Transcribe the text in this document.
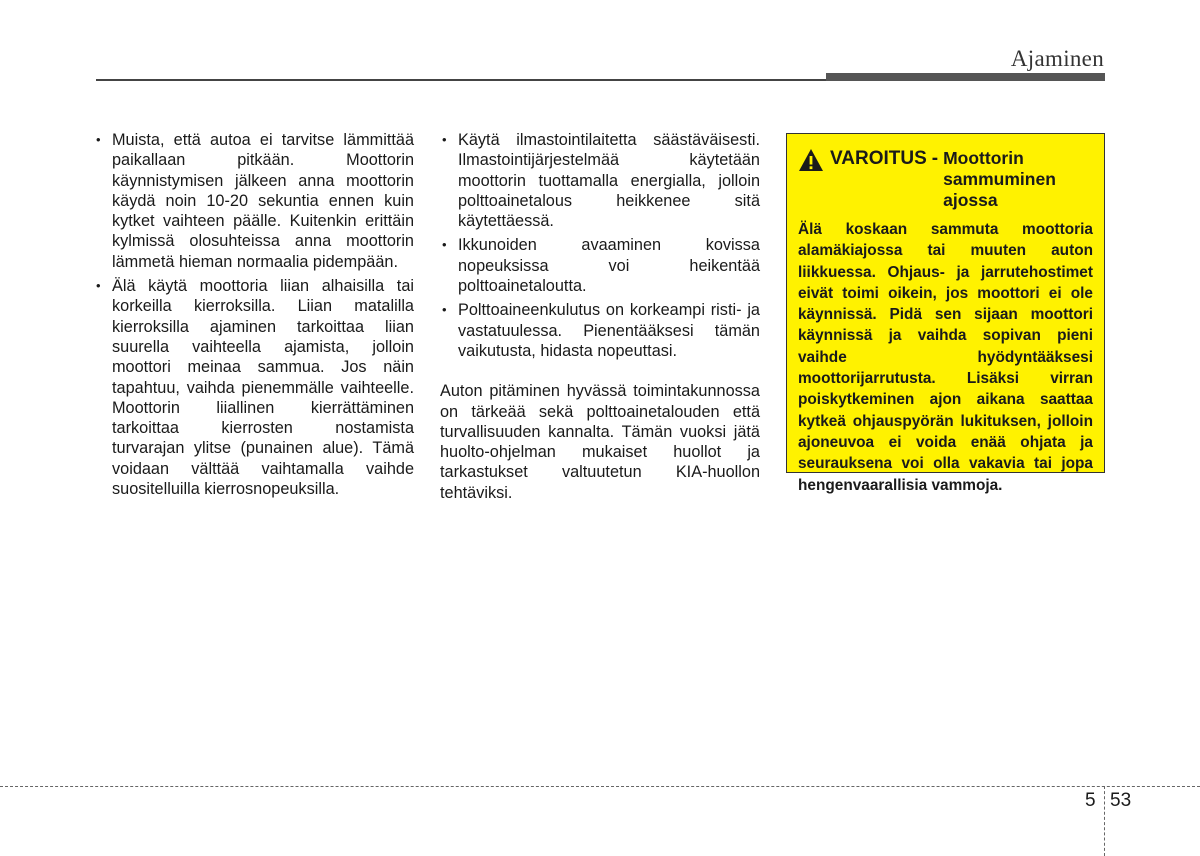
Ajaminen
• Muista, että autoa ei tarvitse lämmittää paikallaan pitkään. Moottorin käynnistymisen jälkeen anna moottorin käydä noin 10-20 sekuntia ennen kuin kytket vaihteen päälle. Kuitenkin erittäin kylmissä olosuhteissa anna moottorin lämmetä hieman normaalia pidempään.
• Älä käytä moottoria liian alhaisilla tai korkeilla kierroksilla. Liian matalilla kierroksilla ajaminen tarkoittaa liian suurella vaihteella ajamista, jolloin moottori meinaa sammua. Jos näin tapahtuu, vaihda pienemmälle vaihteelle. Moottorin liiallinen kierrättäminen tarkoittaa kierrosten nostamista turvarajan ylitse (punainen alue). Tämä voidaan välttää vaihtamalla vaihde suositelluilla kierrosnopeuksilla.
• Käytä ilmastointilaitetta säästäväisesti. Ilmastointijärjestelmää käytetään moottorin tuottamalla energialla, jolloin polttoainetalous heikkenee sitä käytettäessä.
• Ikkunoiden avaaminen kovissa nopeuksissa voi heikentää polttoainetaloutta.
• Polttoaineenkulutus on korkeampi risti- ja vastatuulessa. Pienentääksesi tämän vaikutusta, hidasta nopeuttasi.

Auton pitäminen hyvässä toimintakunnossa on tärkeää sekä polttoainetalouden että turvallisuuden kannalta. Tämän vuoksi jätä huolto-ohjelman mukaiset huollot ja tarkastukset valtuutetun KIA-huollon tehtäviksi.

VAROITUS - Moottorin sammuminen ajossa
Älä koskaan sammuta moottoria alamäkiajossa tai muuten auton liikkuessa. Ohjaus- ja jarrutehostimet eivät toimi oikein, jos moottori ei ole käynnissä. Pidä sen sijaan moottori käynnissä ja vaihda sopivan pieni vaihde hyödyntääksesi moottorijarrutusta. Lisäksi virran poiskytkeminen ajon aikana saattaa kytkeä ohjauspyörän lukituksen, jolloin ajoneuvoa ei voida enää ohjata ja seurauksena voi olla vakavia tai jopa hengenvaarallisia vammoja.
5 53
